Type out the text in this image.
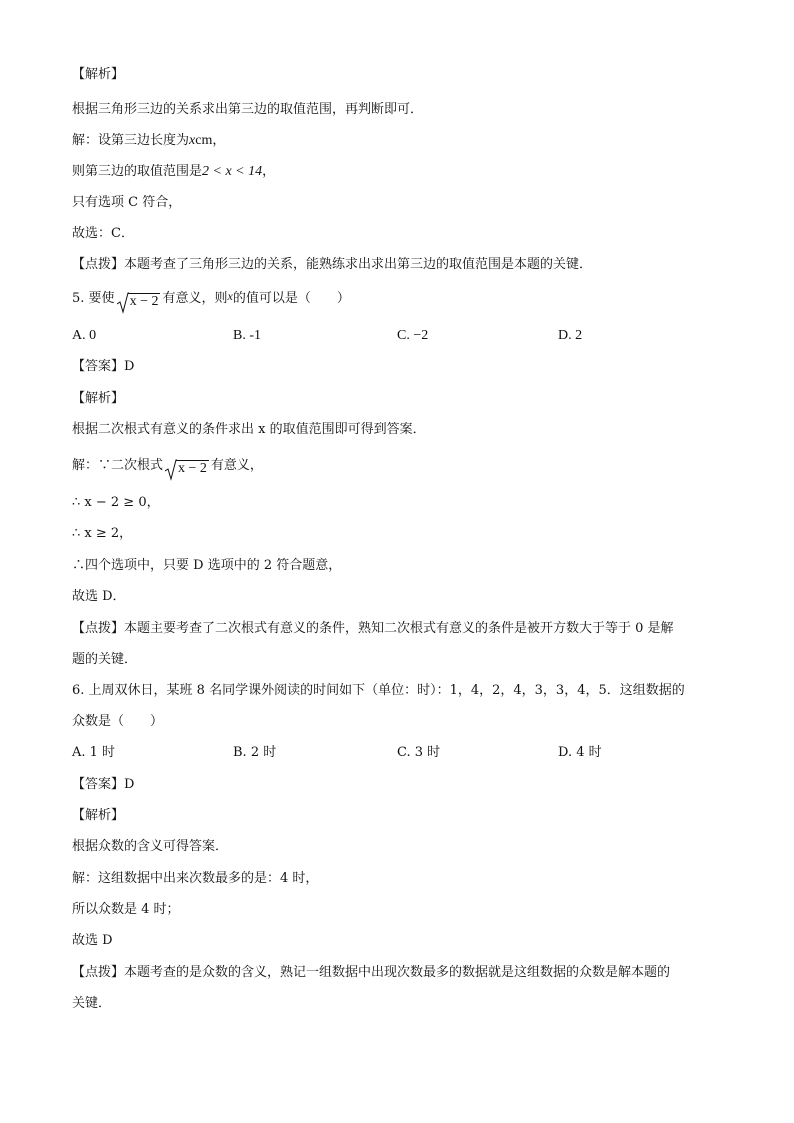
【解析】
根据三角形三边的关系求出第三边的取值范围，再判断即可．
解：设第三边长度为xcm，
则第三边的取值范围是2 < x < 14，
只有选项 C 符合，
故选：C．
【点拨】本题考查了三角形三边的关系，能熟练求出求出第三边的取值范围是本题的关键．
5. 要使 x − 2 有意义，则x的值可以是（　　）
A. 0	B. -1	C. −2	D. 2
【答案】D
【解析】
根据二次根式有意义的条件求出 x 的取值范围即可得到答案．
解：∵二次根式 x − 2 有意义，
∴ x − 2 ≥ 0，
∴ x ≥ 2，
∴四个选项中，只要 D 选项中的 2 符合题意，
故选 D．
【点拨】本题主要考查了二次根式有意义的条件，熟知二次根式有意义的条件是被开方数大于等于 0 是解
题的关键．
6. 上周双休日，某班 8 名同学课外阅读的时间如下（单位：时）：1，4，2，4，3，3，4，5．这组数据的
众数是（　　）
A. 1 时	B. 2 时	C. 3 时	D. 4 时
【答案】D
【解析】
根据众数的含义可得答案．
解：这组数据中出来次数最多的是：4 时，
所以众数是 4 时；
故选 D
【点拨】本题考查的是众数的含义，熟记一组数据中出现次数最多的数据就是这组数据的众数是解本题的
关键．
